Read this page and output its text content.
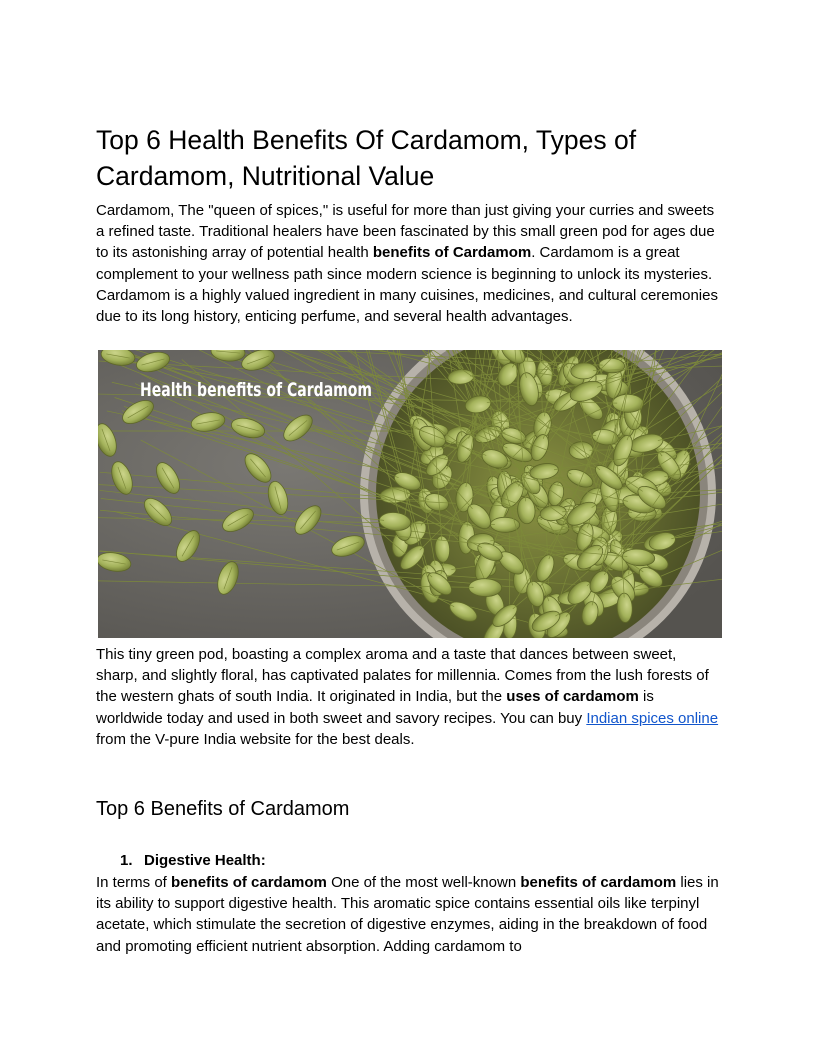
Top 6 Health Benefits Of Cardamom, Types of Cardamom, Nutritional Value

Cardamom, The "queen of spices," is useful for more than just giving your curries and sweets a refined taste. Traditional healers have been fascinated by this small green pod for ages due to its astonishing array of potential health benefits of Cardamom. Cardamom is a great complement to your wellness path since modern science is beginning to unlock its mysteries. Cardamom is a highly valued ingredient in many cuisines, medicines, and cultural ceremonies due to its long history, enticing perfume, and several health advantages.

Health benefits of Cardamom

This tiny green pod, boasting a complex aroma and a taste that dances between sweet, sharp, and slightly floral, has captivated palates for millennia. Comes from the lush forests of the western ghats of south India. It originated in India, but the uses of cardamom is worldwide today and used in both sweet and savory recipes. You can buy Indian spices online from the V-pure India website for the best deals.

Top 6 Benefits of Cardamom

1. Digestive Health:

In terms of benefits of cardamom One of the most well-known benefits of cardamom lies in its ability to support digestive health. This aromatic spice contains essential oils like terpinyl acetate, which stimulate the secretion of digestive enzymes, aiding in the breakdown of food and promoting efficient nutrient absorption. Adding cardamom to
